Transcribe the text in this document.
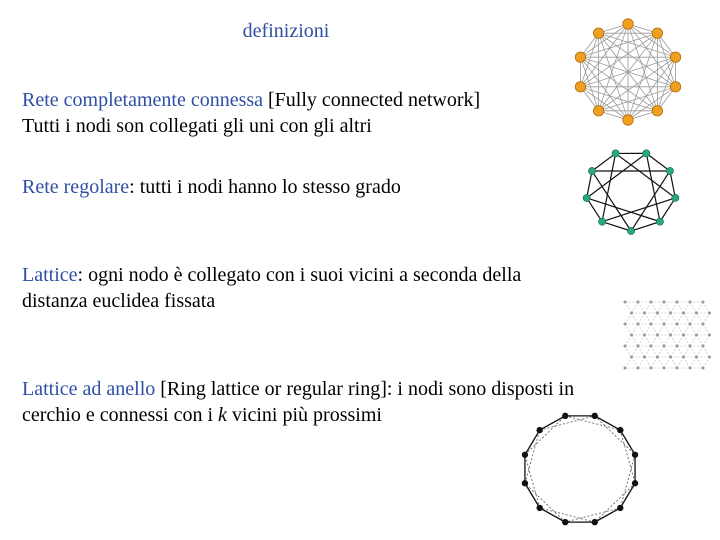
definizioni

Rete completamente connessa [Fully connected network]
Tutti i nodi son collegati gli uni con gli altri

Rete regolare: tutti i nodi hanno lo stesso grado

Lattice: ogni nodo è collegato con i suoi vicini a seconda della
distanza euclidea fissata

Lattice ad anello [Ring lattice or regular ring]: i nodi sono disposti in
cerchio e connessi con i k vicini più prossimi
